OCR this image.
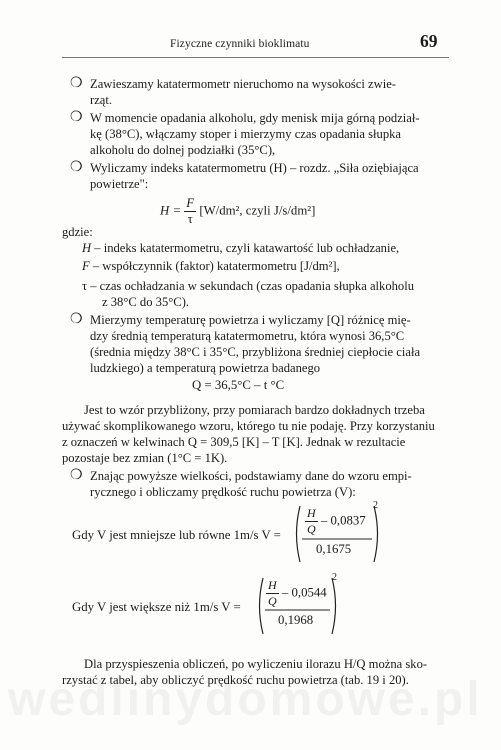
Fizyczne czynniki bioklimatu	69
❍ Zawieszamy katatermometr nieruchomo na wysokości zwie-
rząt.
❍ W momencie opadania alkoholu, gdy menisk mija górną podział-
kę (38°C), włączamy stoper i mierzymy czas opadania słupka
alkoholu do dolnej podziałki (35°C),
❍ Wyliczamy indeks katatermometru (H) – rozdz. „Siła oziębiająca
powietrze":
$H = \frac{F}{\tau} [W/dm^2$, czyli J/s/dm²]
gdzie:
H – indeks katatermometru, czyli katawartość lub ochładzanie,
F – współczynnik (faktor) katatermometru [J/dm²],
τ – czas ochładzania w sekundach (czas opadania słupka alkoholu
z 38°C do 35°C).
❍ Mierzymy temperaturę powietrza i wyliczamy [Q] różnicę mię-
dzy średnią temperaturą katatermometru, która wynosi 36,5°C
(średnia między 38°C i 35°C, przybliżona średniej ciepłocie ciała
ludzkiego) a temperaturą powietrza badanego
Q = 36,5°C – t °C
Jest to wzór przybliżony, przy pomiarach bardzo dokładnych trzeba
używać skomplikowanego wzoru, którego tu nie podaję. Przy korzystaniu
z oznaczeń w kelwinach Q = 309,5 [K] – T [K]. Jednak w rezultacie
pozostaje bez zmian (1°C = 1K).
❍ Znając powyższe wielkości, podstawiamy dane do wzoru empi-
rycznego i obliczamy prędkość ruchu powietrza (V):
Gdy V jest mniejsze lub równe 1m/s $V = \frac{H}{Q} - 0,0837$
0,1675
2
Gdy V jest większe niż 1m/s $V = \frac{H}{Q} - 0,0544$
0,1968
2
Dla przyspieszenia obliczeń, po wyliczeniu ilorazu H/Q można sko-
rzystać z tabel, aby obliczyć prędkość ruchu powietrza (tab. 19 i 20).
